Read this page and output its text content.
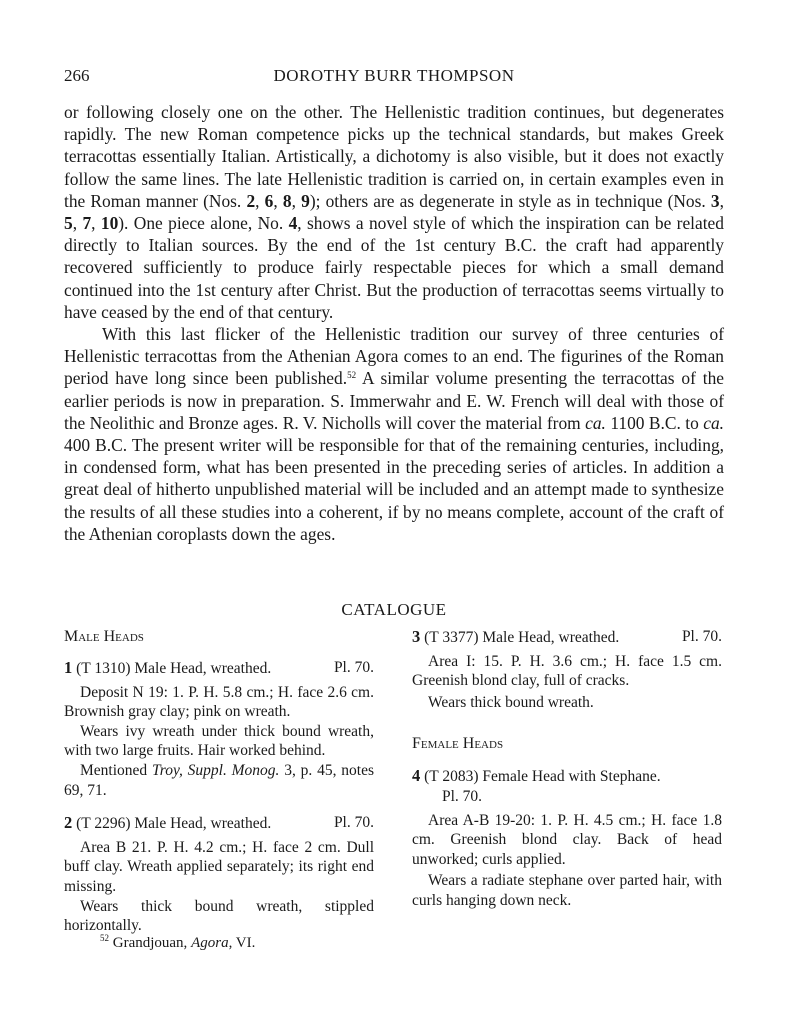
266	DOROTHY BURR THOMPSON

or following closely one on the other. The Hellenistic tradition continues, but degenerates rapidly. The new Roman competence picks up the technical standards, but makes Greek terracottas essentially Italian. Artistically, a dichotomy is also visible, but it does not exactly follow the same lines. The late Hellenistic tradition is carried on, in certain examples even in the Roman manner (Nos. 2, 6, 8, 9); others are as degenerate in style as in technique (Nos. 3, 5, 7, 10). One piece alone, No. 4, shows a novel style of which the inspiration can be related directly to Italian sources. By the end of the 1st century B.C. the craft had apparently recovered sufficiently to produce fairly respectable pieces for which a small demand continued into the 1st century after Christ. But the production of terracottas seems virtually to have ceased by the end of that century.

With this last flicker of the Hellenistic tradition our survey of three centuries of Hellenistic terracottas from the Athenian Agora comes to an end. The figurines of the Roman period have long since been published.$^{52}$ A similar volume presenting the terracottas of the earlier periods is now in preparation. S. Immerwahr and E. W. French will deal with those of the Neolithic and Bronze ages. R. V. Nicholls will cover the material from ca. 1100 B.C. to ca. 400 B.C. The present writer will be responsible for that of the remaining centuries, including, in condensed form, what has been presented in the preceding series of articles. In addition a great deal of hitherto unpublished material will be included and an attempt made to synthesize the results of all these studies into a coherent, if by no means complete, account of the craft of the Athenian coroplasts down the ages.

CATALOGUE

Male Heads

1 (T 1310) Male Head, wreathed.	Pl. 70.

Deposit N 19: 1. P. H. 5.8 cm.; H. face 2.6 cm. Brownish gray clay; pink on wreath.

Wears ivy wreath under thick bound wreath, with two large fruits. Hair worked behind.

Mentioned Troy, Suppl. Monog. 3, p. 45, notes 69, 71.

2 (T 2296) Male Head, wreathed.	Pl. 70.

Area B 21. P. H. 4.2 cm.; H. face 2 cm. Dull buff clay. Wreath applied separately; its right end missing.

Wears thick bound wreath, stippled horizontally.

3 (T 3377) Male Head, wreathed.	Pl. 70.

Area I: 15. P. H. 3.6 cm.; H. face 1.5 cm. Greenish blond clay, full of cracks.

Wears thick bound wreath.

Female Heads

4 (T 2083) Female Head with Stephane.

Pl. 70.

Area A-B 19-20: 1. P. H. 4.5 cm.; H. face 1.8 cm. Greenish blond clay. Back of head unworked; curls applied.

Wears a radiate stephane over parted hair, with curls hanging down neck.

$^{52}$ Grandjouan, Agora, VI.
